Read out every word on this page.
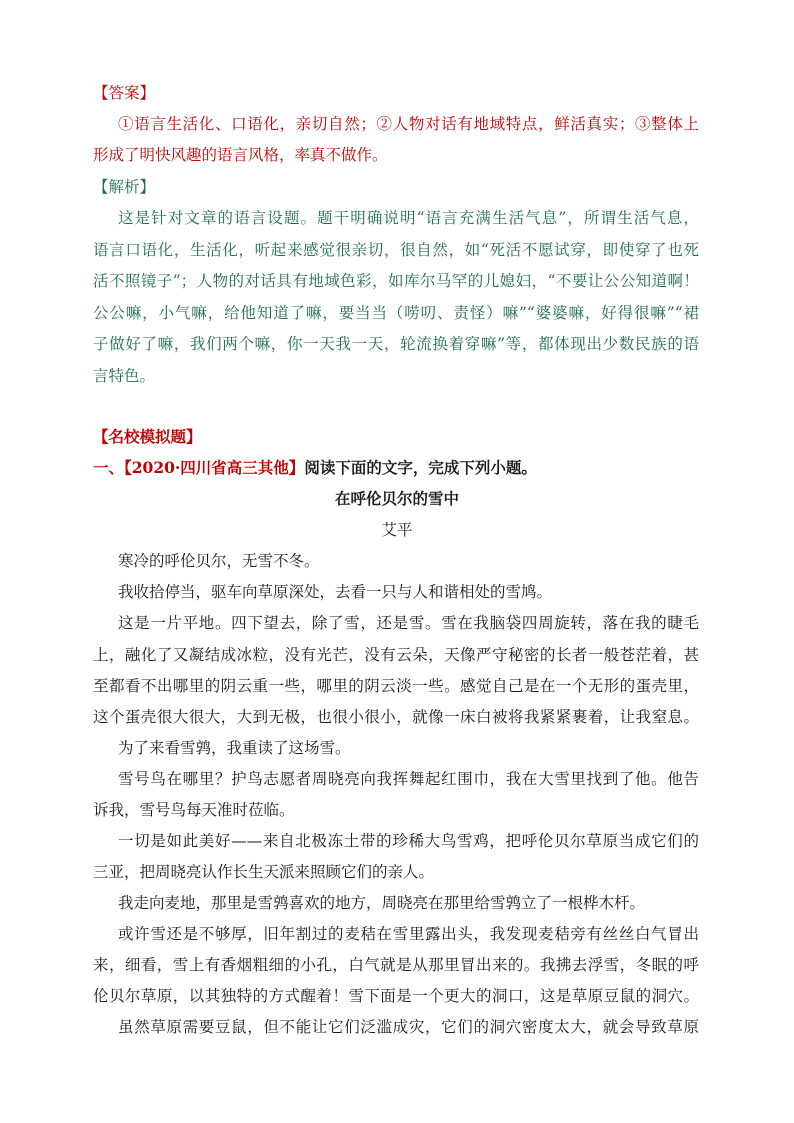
【答案】
①语言生活化、口语化，亲切自然；②人物对话有地域特点，鲜活真实；③整体上
形成了明快风趣的语言风格，率真不做作。
【解析】
这是针对文章的语言设题。题干明确说明“语言充满生活气息”，所谓生活气息，
语言口语化，生活化，听起来感觉很亲切，很自然，如“死活不愿试穿，即使穿了也死
活不照镜子”；人物的对话具有地域色彩，如库尔马罕的儿媳妇，“不要让公公知道啊！
公公嘛，小气嘛，给他知道了嘛，要当当（唠叨、责怪）嘛”“婆婆嘛，好得很嘛”“裙
子做好了嘛，我们两个嘛，你一天我一天，轮流换着穿嘛”等，都体现出少数民族的语
言特色。
【名校模拟题】
一、【2020·四川省高三其他】阅读下面的文字，完成下列小题。
在呼伦贝尔的雪中
艾平
寒冷的呼伦贝尔，无雪不冬。
我收拾停当，驱车向草原深处，去看一只与人和谐相处的雪鸠。
这是一片平地。四下望去，除了雪，还是雪。雪在我脑袋四周旋转，落在我的睫毛
上，融化了又凝结成冰粒，没有光芒，没有云朵，天像严守秘密的长者一般苍茫着，甚
至都看不出哪里的阴云重一些，哪里的阴云淡一些。感觉自己是在一个无形的蛋壳里，
这个蛋壳很大很大，大到无极，也很小很小，就像一床白被将我紧紧裹着，让我窒息。
为了来看雪鹑，我重读了这场雪。
雪号鸟在哪里？护鸟志愿者周晓亮向我挥舞起红围巾，我在大雪里找到了他。他告
诉我，雪号鸟每天准时莅临。
一切是如此美好——来自北极冻土带的珍稀大鸟雪鸡，把呼伦贝尔草原当成它们的
三亚，把周晓亮认作长生天派来照顾它们的亲人。
我走向麦地，那里是雪鹑喜欢的地方，周晓亮在那里给雪鹑立了一根桦木杆。
或许雪还是不够厚，旧年割过的麦秸在雪里露出头，我发现麦秸旁有丝丝白气冒出
来，细看，雪上有香烟粗细的小孔，白气就是从那里冒出来的。我拂去浮雪，冬眠的呼
伦贝尔草原，以其独特的方式醒着！雪下面是一个更大的洞口，这是草原豆鼠的洞穴。
虽然草原需要豆鼠，但不能让它们泛滥成灾，它们的洞穴密度太大，就会导致草原
